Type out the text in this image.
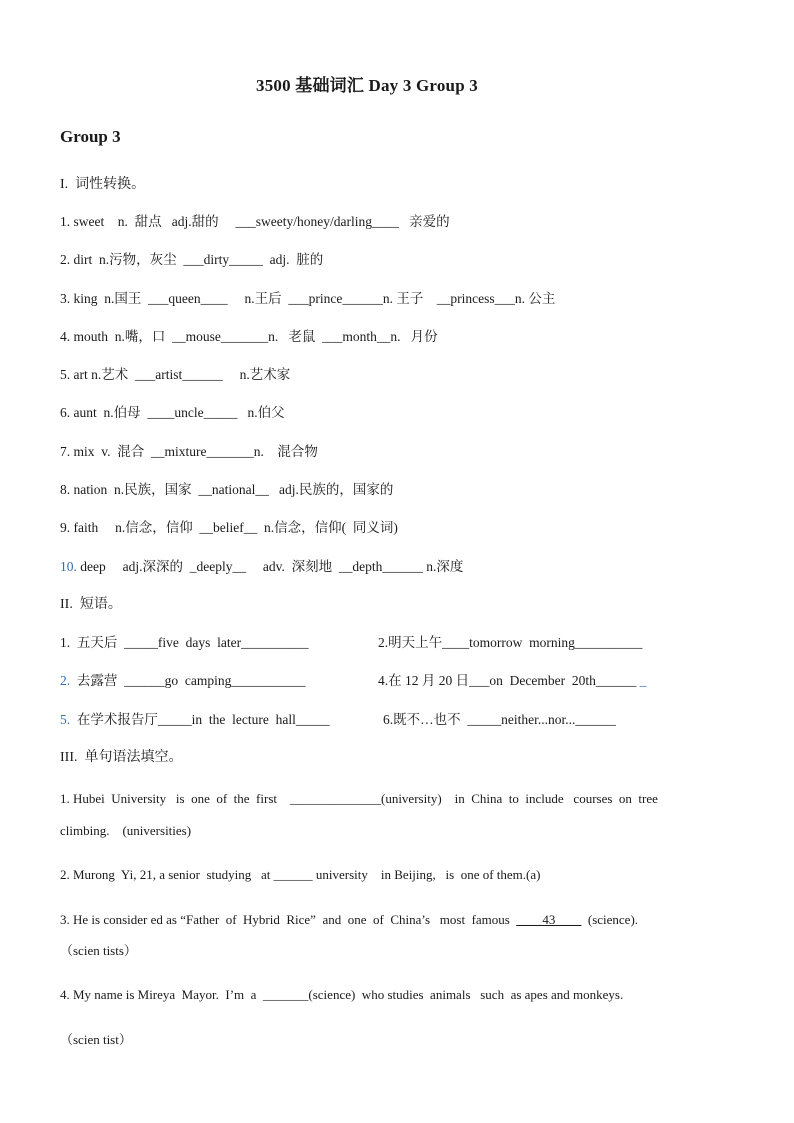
3500 基础词汇 Day 3 Group 3
Group 3
I.  词性转换。
1. sweet    n.  甜点   adj.甜的     ___sweety/honey/darling____   亲爱的
2. dirt  n.污物，灰尘  ___dirty_____  adj.  脏的
3. king  n.国王  ___queen____     n.王后  ___prince______n. 王子    __princess___n. 公主
4. mouth  n.嘴，口  __mouse_______n.   老鼠  ___month__n.   月份
5. art n.艺术  ___artist______     n.艺术家
6. aunt  n.伯母  ____uncle_____   n.伯父
7. mix  v.  混合  __mixture_______n.    混合物
8. nation  n.民族，国家  __national__   adj.民族的，国家的
9. faith     n.信念，信仰  __belief__  n.信念，信仰(  同义词)
10. deep     adj.深深的  _deeply__     adv.  深刻地  __depth______ n.深度
II.  短语。
1.  五天后  _____five  days  later__________	2.明天上午____tomorrow  morning__________
2.  去露营  ______go  camping___________	4.在 12 月 20 日___on  December  20th______ _
5.  在学术报告厅_____in  the  lecture  hall_____	6.既不…也不  _____neither...nor...______
III.  单句语法填空。
1. Hubei  University   is  one  of  the  first    ______________(university)    in  China  to  include   courses  on  tree
climbing.    (universities)
2. Murong  Yi, 21, a senior  studying   at ______ university    in Beijing,   is  one of them.(a)
3. He is consider ed as “Father  of  Hybrid  Rice”  and  one  of  China’s   most  famous  ____43____  (science).
（scien tists）
4. My name is Mireya  Mayor.  I’m  a  _______(science)  who studies  animals   such  as apes and monkeys.
（scien tist）
